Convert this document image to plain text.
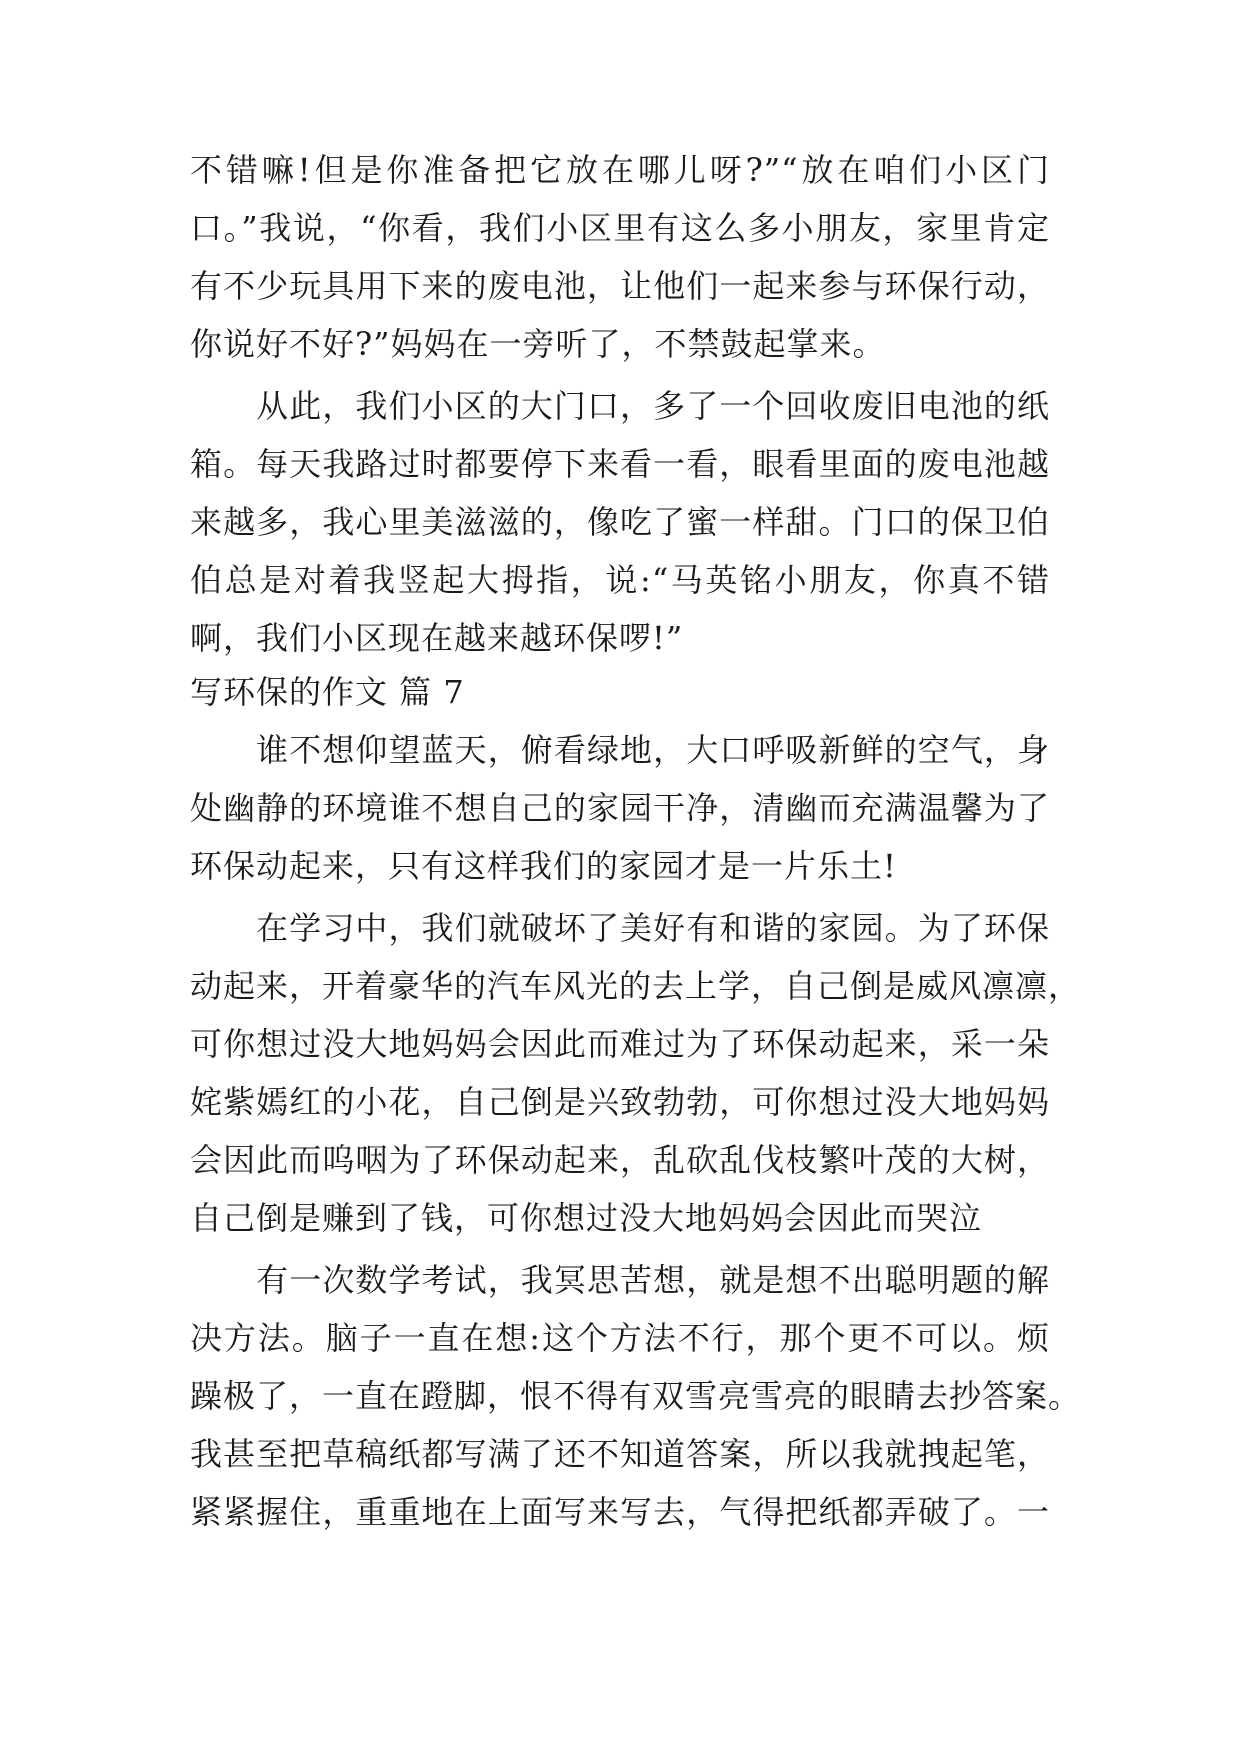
不错嘛!但是你准备把它放在哪儿呀?”“放在咱们小区门
口。”我说，“你看，我们小区里有这么多小朋友，家里肯定
有不少玩具用下来的废电池，让他们一起来参与环保行动，
你说好不好?”妈妈在一旁听了，不禁鼓起掌来。
　　从此，我们小区的大门口，多了一个回收废旧电池的纸
箱。每天我路过时都要停下来看一看，眼看里面的废电池越
来越多，我心里美滋滋的，像吃了蜜一样甜。门口的保卫伯
伯总是对着我竖起大拇指，说:“马英铭小朋友，你真不错
啊，我们小区现在越来越环保啰!”
写环保的作文 篇 7
　　谁不想仰望蓝天，俯看绿地，大口呼吸新鲜的空气，身
处幽静的环境谁不想自己的家园干净，清幽而充满温馨为了
环保动起来，只有这样我们的家园才是一片乐土!
　　在学习中，我们就破坏了美好有和谐的家园。为了环保
动起来，开着豪华的汽车风光的去上学，自己倒是威风凛凛，
可你想过没大地妈妈会因此而难过为了环保动起来，采一朵
姹紫嫣红的小花，自己倒是兴致勃勃，可你想过没大地妈妈
会因此而呜咽为了环保动起来，乱砍乱伐枝繁叶茂的大树，
自己倒是赚到了钱，可你想过没大地妈妈会因此而哭泣
　　有一次数学考试，我冥思苦想，就是想不出聪明题的解
决方法。脑子一直在想:这个方法不行，那个更不可以。烦
躁极了，一直在蹬脚，恨不得有双雪亮雪亮的眼睛去抄答案。
我甚至把草稿纸都写满了还不知道答案，所以我就拽起笔，
紧紧握住，重重地在上面写来写去，气得把纸都弄破了。一
